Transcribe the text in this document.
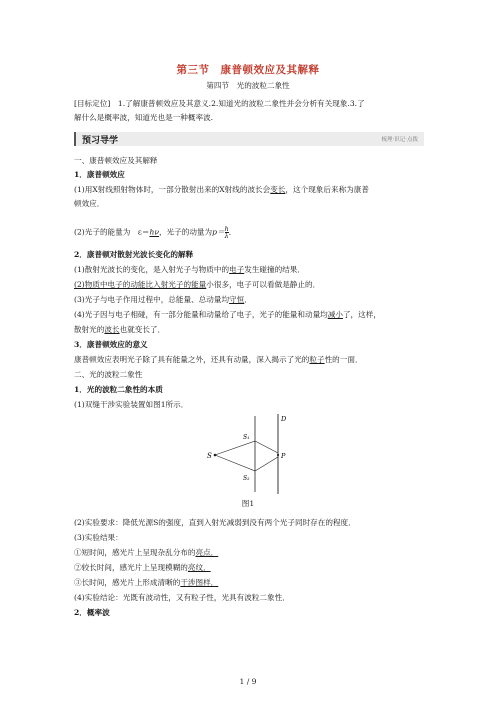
第三节　康普顿效应及其解释
第四节　光的波粒二象性
[目标定位]　1.了解康普顿效应及其意义.2.知道光的波粒二象性并会分析有关现象.3.了
解什么是概率波，知道光也是一种概率波.
预习导学	梳理·识记·点拨
一、康普顿效应及其解释
1．康普顿效应
(1)用X射线照射物体时，一部分散射出来的X射线的波长会变长，这个现象后来称为康普
顿效应．
(2)光子的能量为　ε＝hν，光子的动量为$p= \frac{h}{\lambda}$ ．
2．康普顿对散射光波长变化的解释
(1)散射光波长的变化，是入射光子与物质中的电子发生碰撞的结果．
(2)物质中电子的动能比入射光子的能量小很多，电子可以看做是静止的．
(3)光子与电子作用过程中，总能量、总动量均守恒．
(4)光子因与电子相碰，有一部分能量和动量给了电子，光子的能量和动量均减小了，这样，
散射光的波长也就变长了．
3．康普顿效应的意义
康普顿效应表明光子除了具有能量之外，还具有动量，深入揭示了光的粒子性的一面．
二、光的波粒二象性
1．光的波粒二象性的本质
(1)双缝干涉实验装置如图1所示．
S
S₁
S₂
D
P
图1
(2)实验要求：降低光源S的强度，直到入射光减弱到没有两个光子同时存在的程度．
(3)实验结果：
①短时间，感光片上呈现杂乱分布的亮点．
②较长时间，感光片上呈现模糊的亮纹．
③长时间，感光片上形成清晰的干涉图样．
(4)实验结论：光既有波动性，又有粒子性，光具有波粒二象性．
2．概率波
1 / 9
